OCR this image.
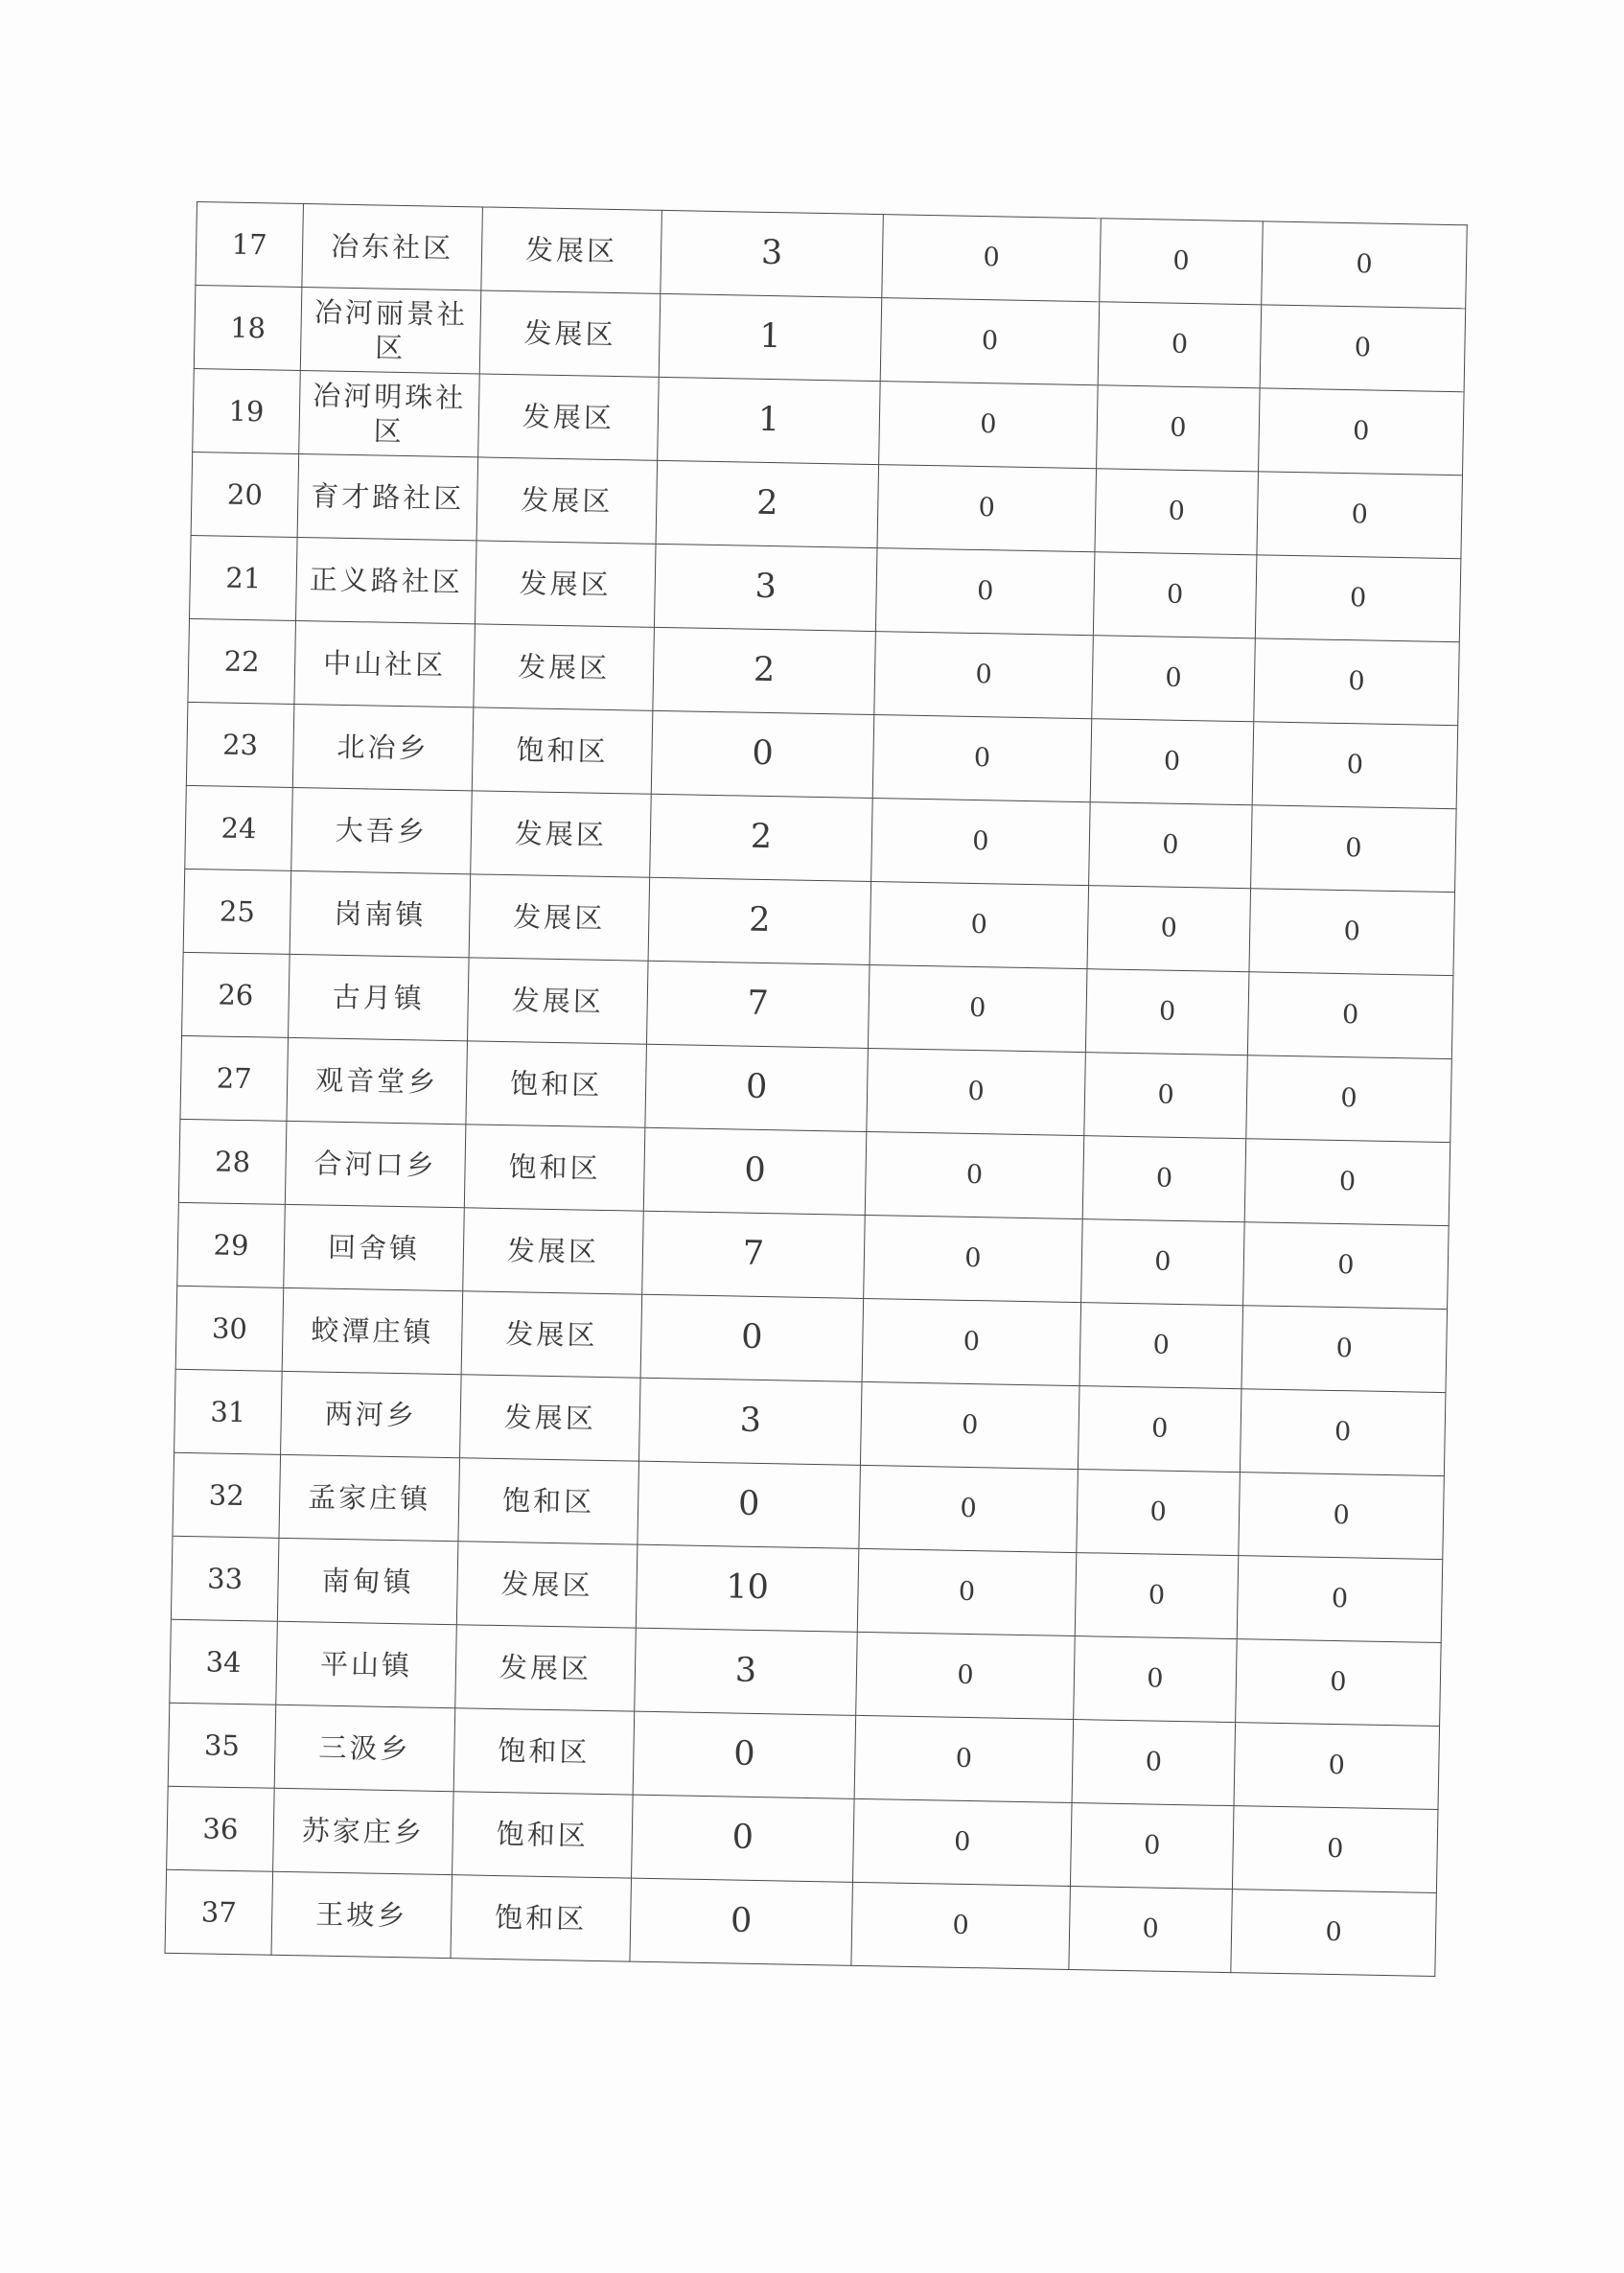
17	冶东社区	发展区	3	0	0	0
18	冶河丽景社区	发展区	1	0	0	0
19	冶河明珠社区	发展区	1	0	0	0
20	育才路社区	发展区	2	0	0	0
21	正义路社区	发展区	3	0	0	0
22	中山社区	发展区	2	0	0	0
23	北冶乡	饱和区	0	0	0	0
24	大吾乡	发展区	2	0	0	0
25	岗南镇	发展区	2	0	0	0
26	古月镇	发展区	7	0	0	0
27	观音堂乡	饱和区	0	0	0	0
28	合河口乡	饱和区	0	0	0	0
29	回舍镇	发展区	7	0	0	0
30	蛟潭庄镇	发展区	0	0	0	0
31	两河乡	发展区	3	0	0	0
32	孟家庄镇	饱和区	0	0	0	0
33	南甸镇	发展区	10	0	0	0
34	平山镇	发展区	3	0	0	0
35	三汲乡	饱和区	0	0	0	0
36	苏家庄乡	饱和区	0	0	0	0
37	王坡乡	饱和区	0	0	0	0
